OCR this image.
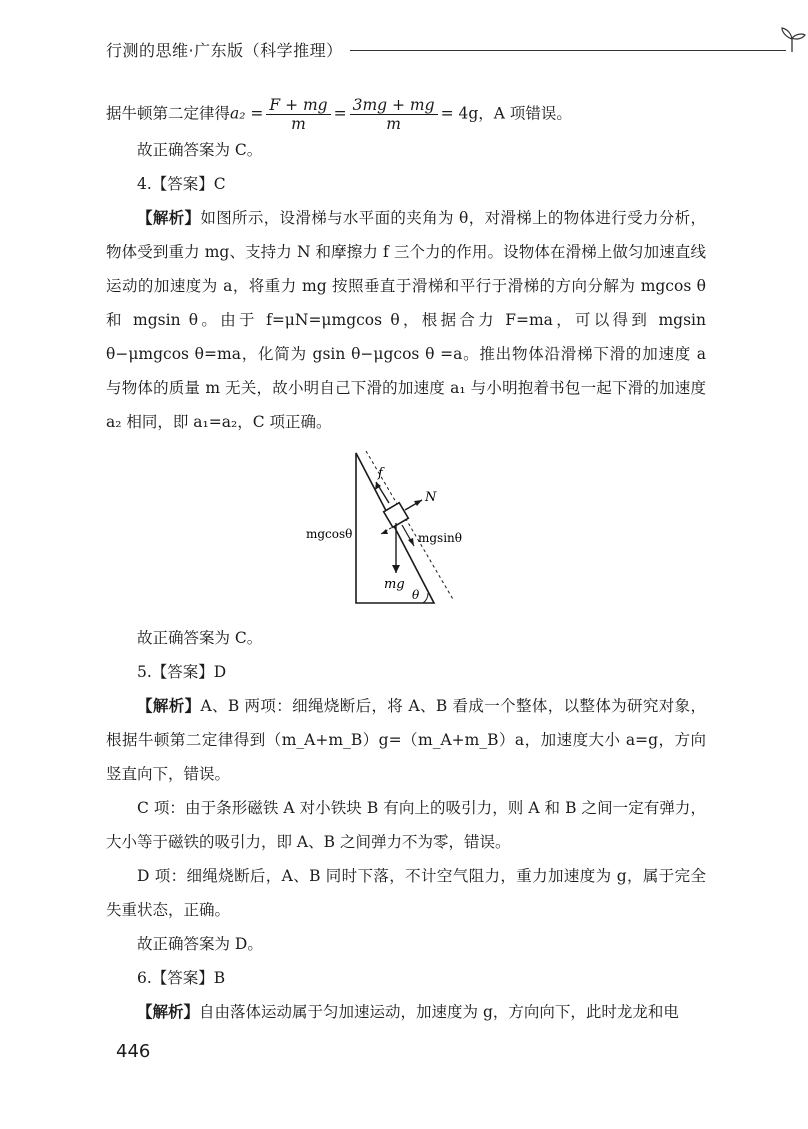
行测的思维·广东版（科学推理）

据牛顿第二定律得$a_2 = \frac{F + mg}{m} = \frac{3mg + mg}{m} = 4g$，A 项错误。

故正确答案为 C。

4.【答案】C

【解析】如图所示，设滑梯与水平面的夹角为 θ，对滑梯上的物体进行受力分析，物体受到重力 mg、支持力 N 和摩擦力 f 三个力的作用。设物体在滑梯上做匀加速直线运动的加速度为 a，将重力 mg 按照垂直于滑梯和平行于滑梯的方向分解为 mgcos θ 和 mgsin θ。由于 f=μN=μmgcos θ，根据合力 F=ma，可以得到 mgsin θ−μmgcos θ=ma，化简为 gsin θ−μgcos θ =a。推出物体沿滑梯下滑的加速度 a 与物体的质量 m 无关，故小明自己下滑的加速度 a₁ 与小明抱着书包一起下滑的加速度 a₂ 相同，即 a₁=a₂，C 项正确。

f
N
mgcosθ	mgsinθ
mg
θ

故正确答案为 C。

5.【答案】D

【解析】A、B 两项：细绳烧断后，将 A、B 看成一个整体，以整体为研究对象，根据牛顿第二定律得到（m_A+m_B）g=（m_A+m_B）a，加速度大小 a=g，方向竖直向下，错误。

C 项：由于条形磁铁 A 对小铁块 B 有向上的吸引力，则 A 和 B 之间一定有弹力，大小等于磁铁的吸引力，即 A、B 之间弹力不为零，错误。

D 项：细绳烧断后，A、B 同时下落，不计空气阻力，重力加速度为 g，属于完全失重状态，正确。

故正确答案为 D。

6.【答案】B

【解析】自由落体运动属于匀加速运动，加速度为 g，方向向下，此时龙龙和电

446
